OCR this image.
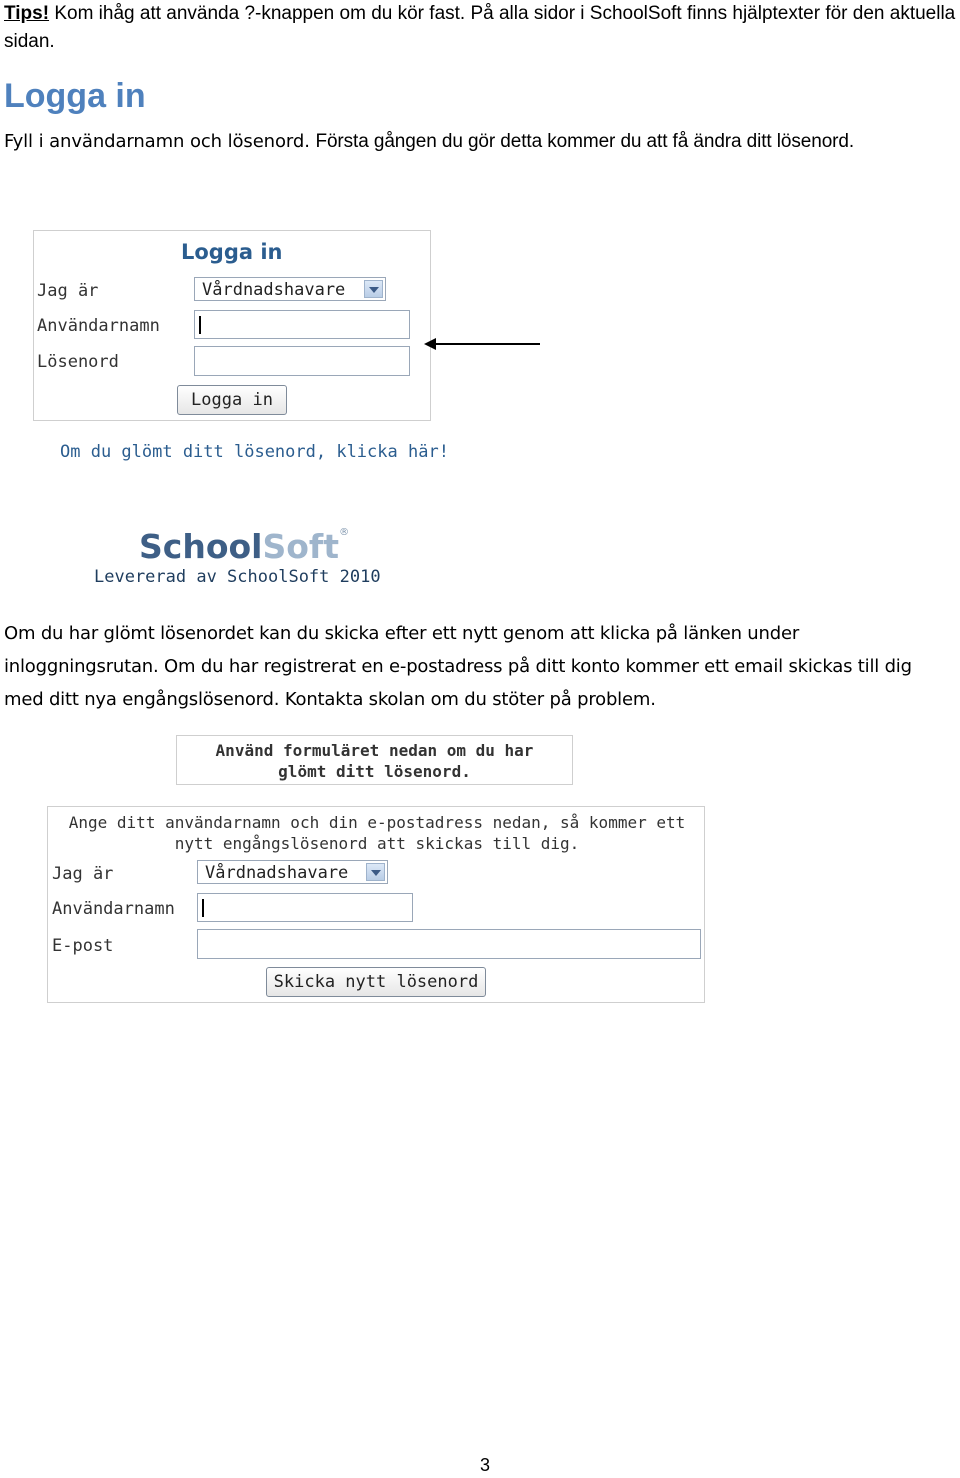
Tips! Kom ihåg att använda ?-knappen om du kör fast. På alla sidor i SchoolSoft finns hjälptexter för den aktuella sidan.
Logga in
Fyll i användarnamn och lösenord. Första gången du gör detta kommer du att få ändra ditt lösenord.
Logga in
Jag är	Vårdnadshavare
Användarnamn
Lösenord
Logga in
Om du glömt ditt lösenord, klicka här!
SchoolSoft®
Levererad av SchoolSoft 2010
Om du har glömt lösenordet kan du skicka efter ett nytt genom att klicka på länken under inloggningsrutan. Om du har registrerat en e-postadress på ditt konto kommer ett email skickas till dig med ditt nya engångslösenord. Kontakta skolan om du stöter på problem.
Använd formuläret nedan om du har
glömt ditt lösenord.
Ange ditt användarnamn och din e-postadress nedan, så kommer ett
nytt engångslösenord att skickas till dig.
Jag är	Vårdnadshavare
Användarnamn
E-post
Skicka nytt lösenord
3
